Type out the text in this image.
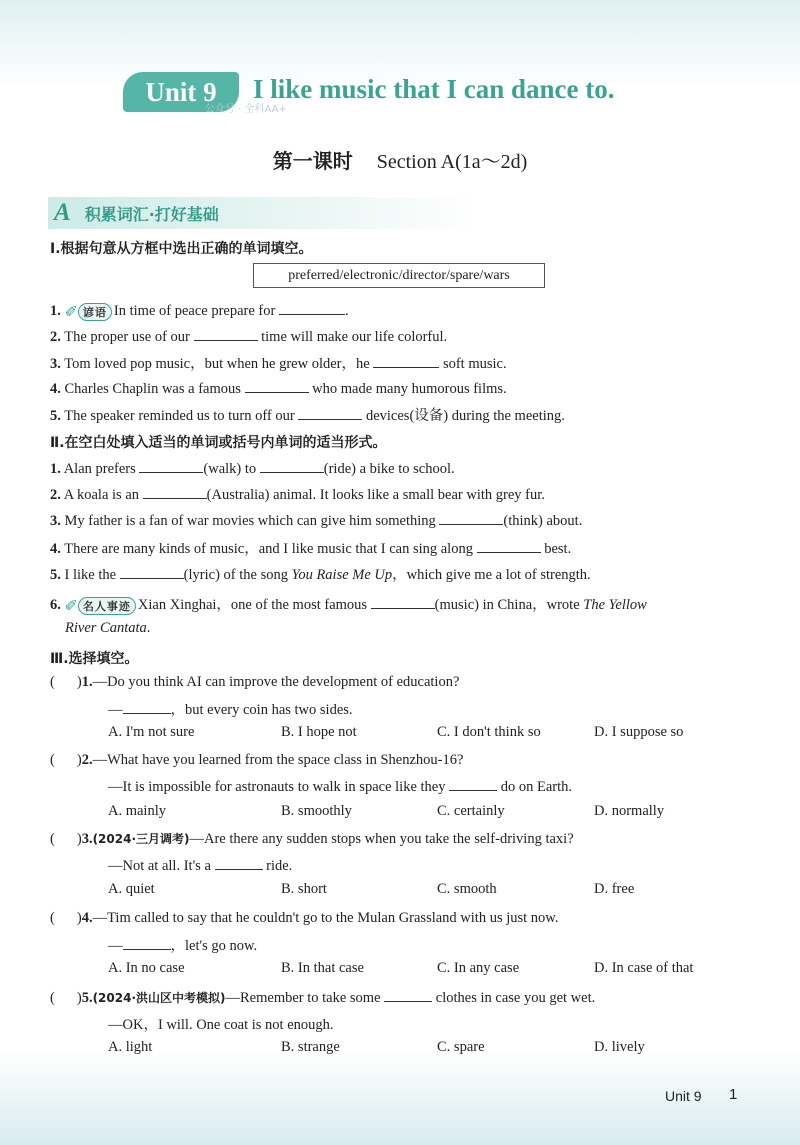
Unit 9	I like music that I can dance to.
公众号 · 全科AA+
第一课时 Section A(1a～2d)
A 积累词汇·打好基础
Ⅰ.根据句意从方框中选出正确的单词填空。
preferred/electronic/director/spare/wars
1. ✐ 谚语 In time of peace prepare for	.
2. The proper use of our	time will make our life colorful.
3. Tom loved pop music，but when he grew older，he	soft music.
4. Charles Chaplin was a famous	who made many humorous films.
5. The speaker reminded us to turn off our	devices(设备) during the meeting.
Ⅱ.在空白处填入适当的单词或括号内单词的适当形式。
1. Alan prefers	(walk) to	(ride) a bike to school.
2. A koala is an	(Australia) animal. It looks like a small bear with grey fur.
3. My father is a fan of war movies which can give him something	(think) about.
4. There are many kinds of music，and I like music that I can sing along	best.
5. I like the	(lyric) of the song You Raise Me Up，which give me a lot of strength.
6. ✐ 名人事迹 Xian Xinghai，one of the most famous	(music) in China，wrote The Yellow
River Cantata.
Ⅲ.选择填空。
( )1.—Do you think AI can improve the development of education?
—	，but every coin has two sides.
A. I'm not sure	B. I hope not	C. I don't think so	D. I suppose so
( )2.—What have you learned from the space class in Shenzhou-16?
—It is impossible for astronauts to walk in space like they	do on Earth.
A. mainly	B. smoothly	C. certainly	D. normally
( )3.(2024·三月调考)—Are there any sudden stops when you take the self-driving taxi?
—Not at all. It's a	ride.
A. quiet	B. short	C. smooth	D. free
( )4.—Tim called to say that he couldn't go to the Mulan Grassland with us just now.
—	，let's go now.
A. In no case	B. In that case	C. In any case	D. In case of that
( )5.(2024·洪山区中考模拟)—Remember to take some	clothes in case you get wet.
—OK，I will. One coat is not enough.
A. light	B. strange	C. spare	D. lively
Unit 9 1
